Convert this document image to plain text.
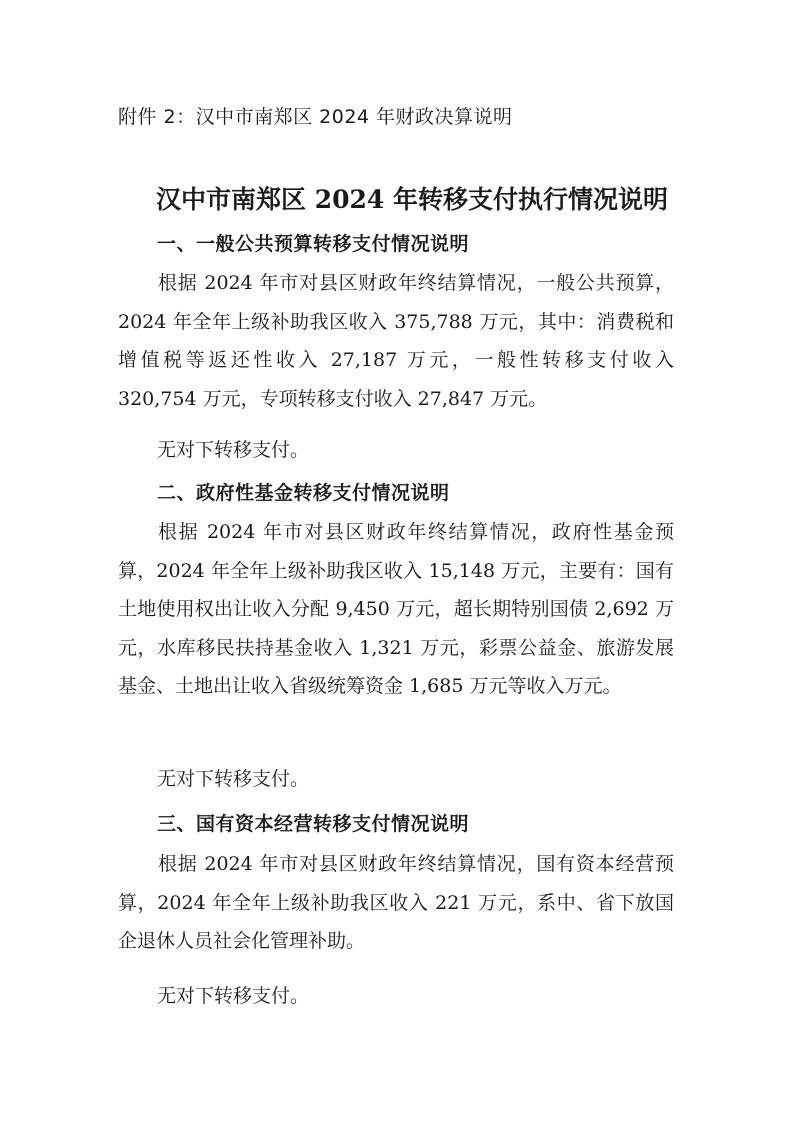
附件 2：汉中市南郑区 2024 年财政决算说明
汉中市南郑区 2024 年转移支付执行情况说明
一、一般公共预算转移支付情况说明

根据 2024 年市对县区财政年终结算情况，一般公共预算，2024 年全年上级补助我区收入 375,788 万元，其中：消费税和增值税等返还性收入 27,187 万元，一般性转移支付收入 320,754 万元，专项转移支付收入 27,847 万元。

无对下转移支付。
二、政府性基金转移支付情况说明

根据 2024 年市对县区财政年终结算情况，政府性基金预算，2024 年全年上级补助我区收入 15,148 万元，主要有：国有土地使用权出让收入分配 9,450 万元，超长期特别国债 2,692 万元，水库移民扶持基金收入 1,321 万元，彩票公益金、旅游发展基金、土地出让收入省级统筹资金 1,685 万元等收入万元。

无对下转移支付。
三、国有资本经营转移支付情况说明

根据 2024 年市对县区财政年终结算情况，国有资本经营预算，2024 年全年上级补助我区收入 221 万元，系中、省下放国企退休人员社会化管理补助。

无对下转移支付。
